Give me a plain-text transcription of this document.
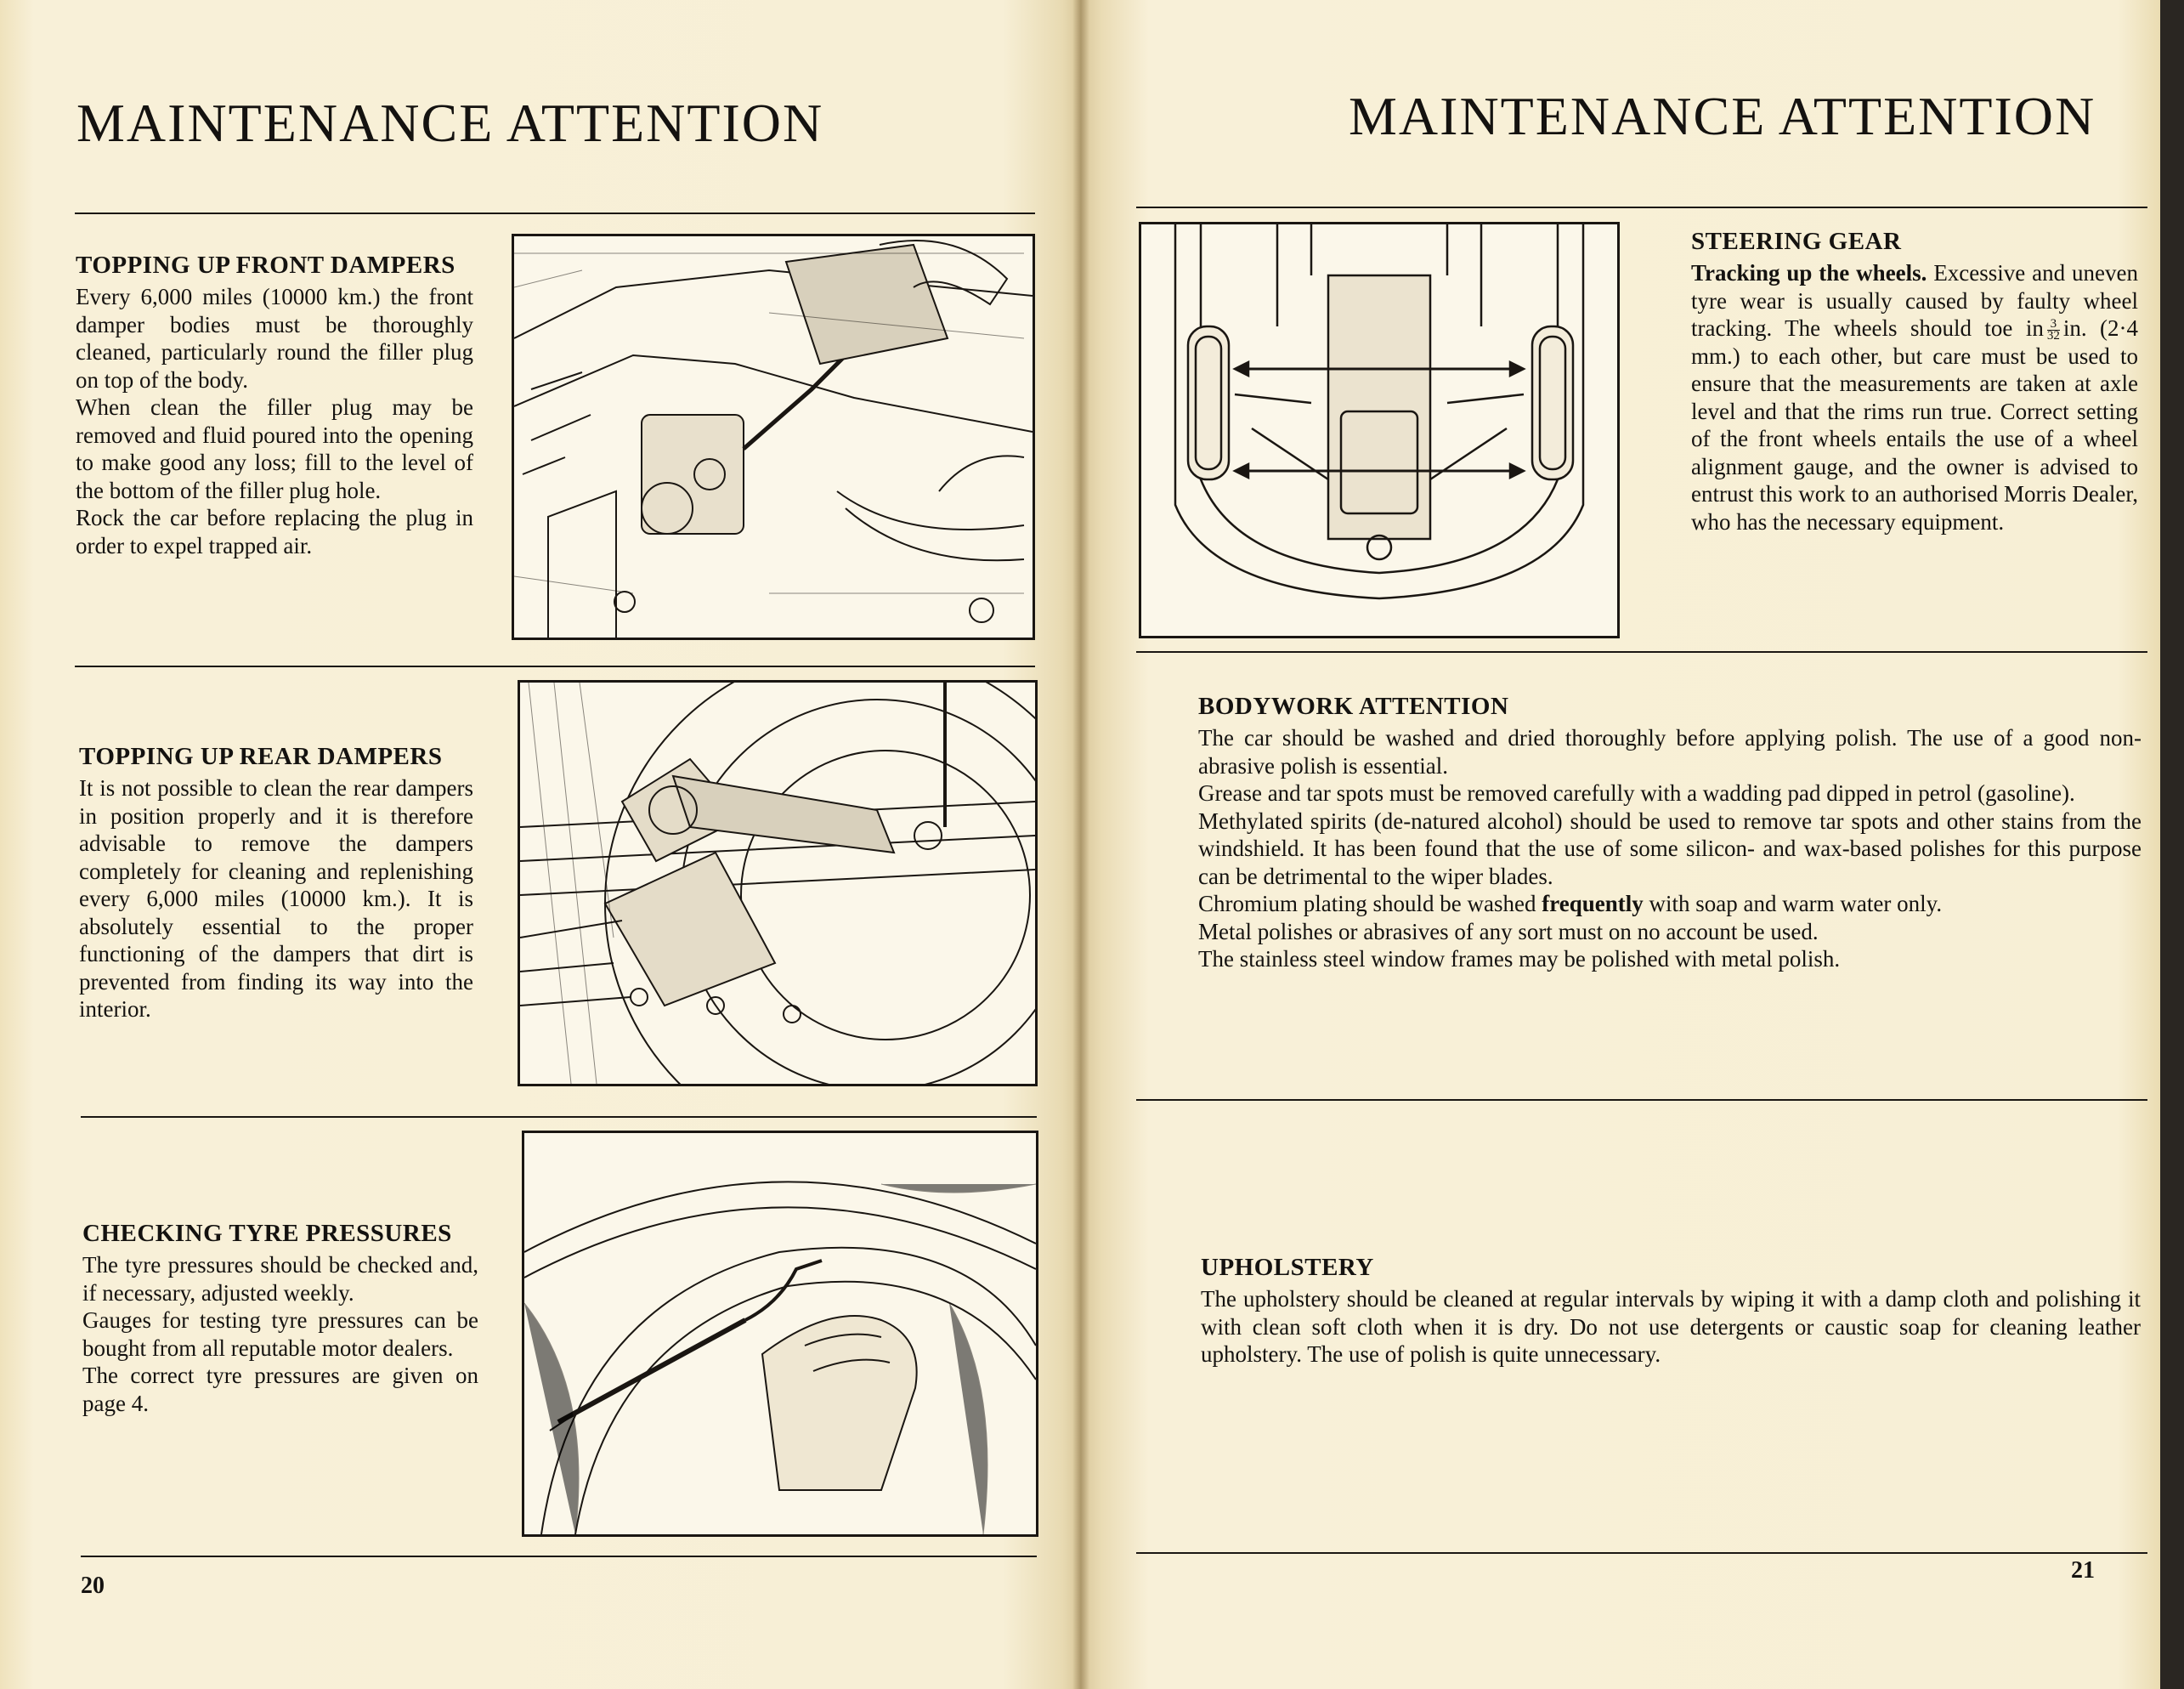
MAINTENANCE ATTENTION
TOPPING UP FRONT DAMPERS

Every 6,000 miles (10000 km.) the front damper bodies must be thoroughly cleaned, particularly round the filler plug on top of the body.

When clean the filler plug may be removed and fluid poured into the opening to make good any loss; fill to the level of the bottom of the filler plug hole.

Rock the car before replacing the plug in order to expel trapped air.

TOPPING UP REAR DAMPERS

It is not possible to clean the rear dampers in position properly and it is therefore advisable to remove the dampers completely for cleaning and replenishing every 6,000 miles (10000 km.). It is absolutely essential to the proper functioning of the dampers that dirt is prevented from finding its way into the interior.

CHECKING TYRE PRESSURES

The tyre pressures should be checked and, if necessary, adjusted weekly.

Gauges for testing tyre pressures can be bought from all reputable motor dealers.

The correct tyre pressures are given on page 4.

20
MAINTENANCE ATTENTION
STEERING GEAR

Tracking up the wheels. Excessive and uneven tyre wear is usually caused by faulty wheel tracking. The wheels should toe in $\frac{3}{32}$ in. (2·4 mm.) to each other, but care must be used to ensure that the measurements are taken at axle level and that the rims run true. Correct setting of the front wheels entails the use of a wheel alignment gauge, and the owner is advised to entrust this work to an authorised Morris Dealer, who has the necessary equipment.

BODYWORK ATTENTION

The car should be washed and dried thoroughly before applying polish. The use of a good non-abrasive polish is essential.

Grease and tar spots must be removed carefully with a wadding pad dipped in petrol (gasoline).

Methylated spirits (de-natured alcohol) should be used to remove tar spots and other stains from the windshield. It has been found that the use of some silicon- and wax-based polishes for this purpose can be detrimental to the wiper blades.

Chromium plating should be washed frequently with soap and warm water only.

Metal polishes or abrasives of any sort must on no account be used.

The stainless steel window frames may be polished with metal polish.

UPHOLSTERY

The upholstery should be cleaned at regular intervals by wiping it with a damp cloth and polishing it with clean soft cloth when it is dry. Do not use detergents or caustic soap for cleaning leather upholstery. The use of polish is quite unnecessary.

21
